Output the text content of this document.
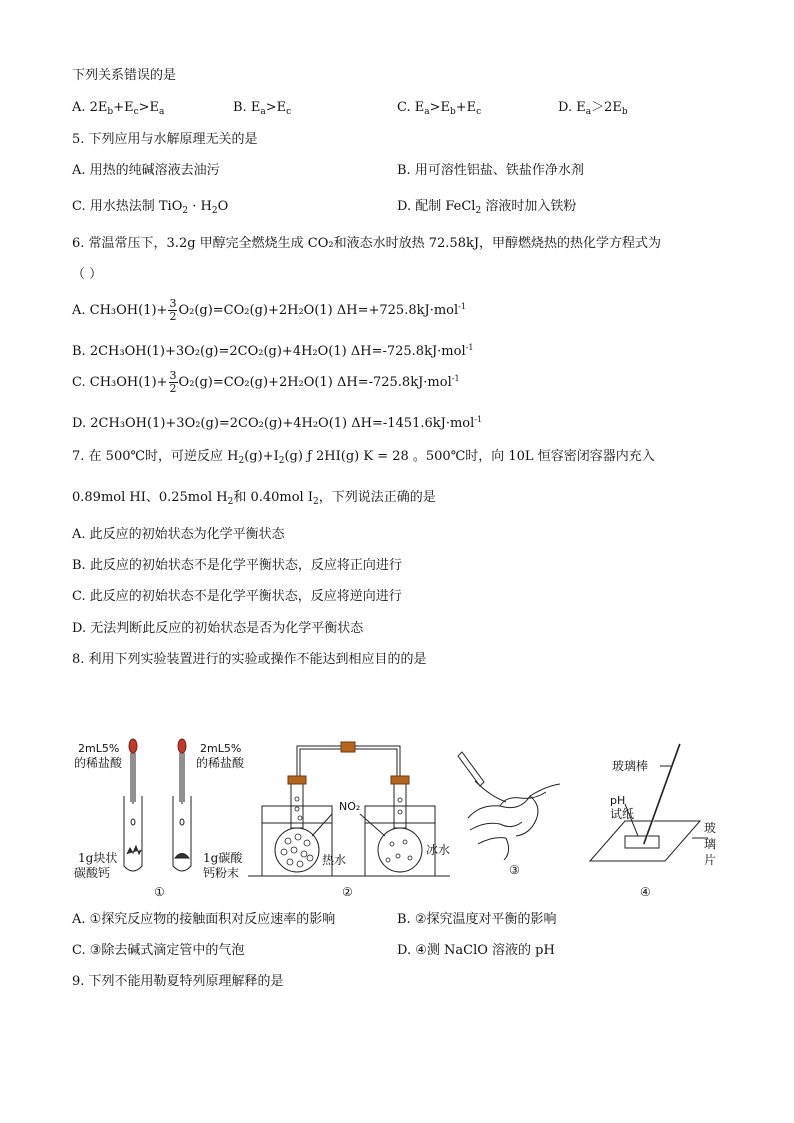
下列关系错误的是
A. $2E_b+E_c>E_a$	B. $E_a>E_c$	C. $E_a>E_b+E_c$	D. $E_a>2E_b$
5. 下列应用与水解原理无关的是
A. 用热的纯碱溶液去油污	B. 用可溶性铝盐、铁盐作净水剂
C. 用水热法制 $TiO_2 \cdot H_2O$	D. 配制 FeCl$_2$ 溶液时加入铁粉
6. 常温常压下，3.2g 甲醇完全燃烧生成 CO₂和液态水时放热 72.58kJ，甲醇燃烧热的热化学方程式为
（ ）
A. $CH_3OH(1)+ \frac{3}{2} O_2(g)=CO_2(g)+2H_2O(1)$ ΔH=+725.8kJ·mol$^{-1}$
B. 2CH₃OH(1)+3O₂(g)=2CO₂(g)+4H₂O(1) ΔH=-725.8kJ·mol$^{-1}$
C. $CH_3OH(1)+ \frac{3}{2} O_2(g)=CO_2(g)+2H_2O(1)$ ΔH=-725.8kJ·mol$^{-1}$
D. 2CH₃OH(1)+3O₂(g)=2CO₂(g)+4H₂O(1) ΔH=-1451.6kJ·mol$^{-1}$
7. 在 500℃时，可逆反应 $H_2(g)+I_2(g)$ ƒ 2HI(g) K = 28 。500℃时，向 10L 恒容密闭容器内充入
0.89mol HI、0.25mol $H_2$和 0.40mol $I_2$，下列说法正确的是
A. 此反应的初始状态为化学平衡状态
B. 此反应的初始状态不是化学平衡状态，反应将正向进行
C. 此反应的初始状态不是化学平衡状态，反应将逆向进行
D. 无法判断此反应的初始状态是否为化学平衡状态
8. 利用下列实验装置进行的实验或操作不能达到相应目的的是
2mL5%
的稀盐酸
2mL5%
的稀盐酸
1g块状
碳酸钙
1g碳酸
钙粉末
①
NO₂
热水
冰水
②
③
玻璃棒
pH
试纸
玻
璃
片
④
A. ①探究反应物的接触面积对反应速率的影响	B. ②探究温度对平衡的影响
C. ③除去碱式滴定管中的气泡	D. ④测 NaClO 溶液的 pH
9. 下列不能用勒夏特列原理解释的是
